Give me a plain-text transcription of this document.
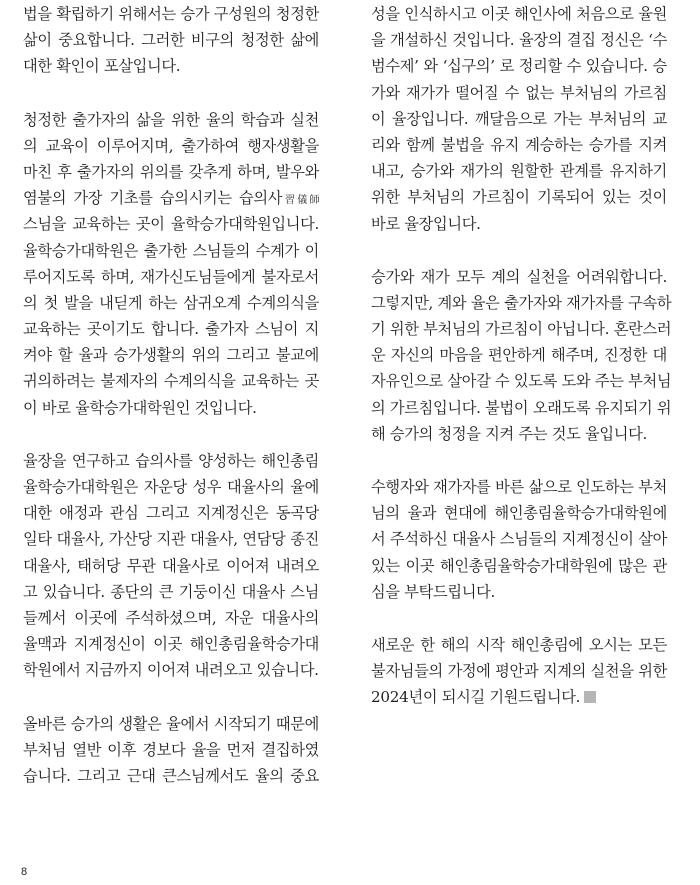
법을 확립하기 위해서는 승가 구성원의 청정한
삶이 중요합니다. 그러한 비구의 청정한 삶에
대한 확인이 포살입니다.
청정한 출가자의 삶을 위한 율의 학습과 실천
의 교육이 이루어지며, 출가하여 행자생활을
마친 후 출가자의 위의를 갖추게 하며, 발우와
염불의 가장 기초를 습의시키는 습의사習儀師
스님을 교육하는 곳이 율학승가대학원입니다.
율학승가대학원은 출가한 스님들의 수계가 이
루어지도록 하며, 재가신도님들에게 불자로서
의 첫 발을 내딛게 하는 삼귀오계 수계의식을
교육하는 곳이기도 합니다. 출가자 스님이 지
켜야 할 율과 승가생활의 위의 그리고 불교에
귀의하려는 불제자의 수계의식을 교육하는 곳
이 바로 율학승가대학원인 것입니다.
율장을 연구하고 습의사를 양성하는 해인총림
율학승가대학원은 자운당 성우 대율사의 율에
대한 애정과 관심 그리고 지계정신은 동곡당
일타 대율사, 가산당 지관 대율사, 연담당 종진
대율사, 태허당 무관 대율사로 이어져 내려오
고 있습니다. 종단의 큰 기둥이신 대율사 스님
들께서 이곳에 주석하셨으며, 자운 대율사의
율맥과 지계정신이 이곳 해인총림율학승가대
학원에서 지금까지 이어져 내려오고 있습니다.
올바른 승가의 생활은 율에서 시작되기 때문에
부처님 열반 이후 경보다 율을 먼저 결집하였
습니다. 그리고 근대 큰스님께서도 율의 중요
성을 인식하시고 이곳 해인사에 처음으로 율원
을 개설하신 것입니다. 율장의 결집 정신은 ‘수
범수제’ 와 ‘십구의’ 로 정리할 수 있습니다. 승
가와 재가가 떨어질 수 없는 부처님의 가르침
이 율장입니다. 깨달음으로 가는 부처님의 교
리와 함께 불법을 유지 계승하는 승가를 지켜
내고, 승가와 재가의 원할한 관계를 유지하기
위한 부처님의 가르침이 기록되어 있는 것이
바로 율장입니다.
승가와 재가 모두 계의 실천을 어려워합니다.
그렇지만, 계와 율은 출가자와 재가자를 구속하
기 위한 부처님의 가르침이 아닙니다. 혼란스러
운 자신의 마음을 편안하게 해주며, 진정한 대
자유인으로 살아갈 수 있도록 도와 주는 부처님
의 가르침입니다. 불법이 오래도록 유지되기 위
해 승가의 청정을 지켜 주는 것도 율입니다.
수행자와 재가자를 바른 삶으로 인도하는 부처
님의 율과 현대에 해인총림율학승가대학원에
서 주석하신 대율사 스님들의 지계정신이 살아
있는 이곳 해인총림율학승가대학원에 많은 관
심을 부탁드립니다.
새로운 한 해의 시작 해인총림에 오시는 모든
불자님들의 가정에 평안과 지계의 실천을 위한
2024년이 되시길 기원드립니다.
8
